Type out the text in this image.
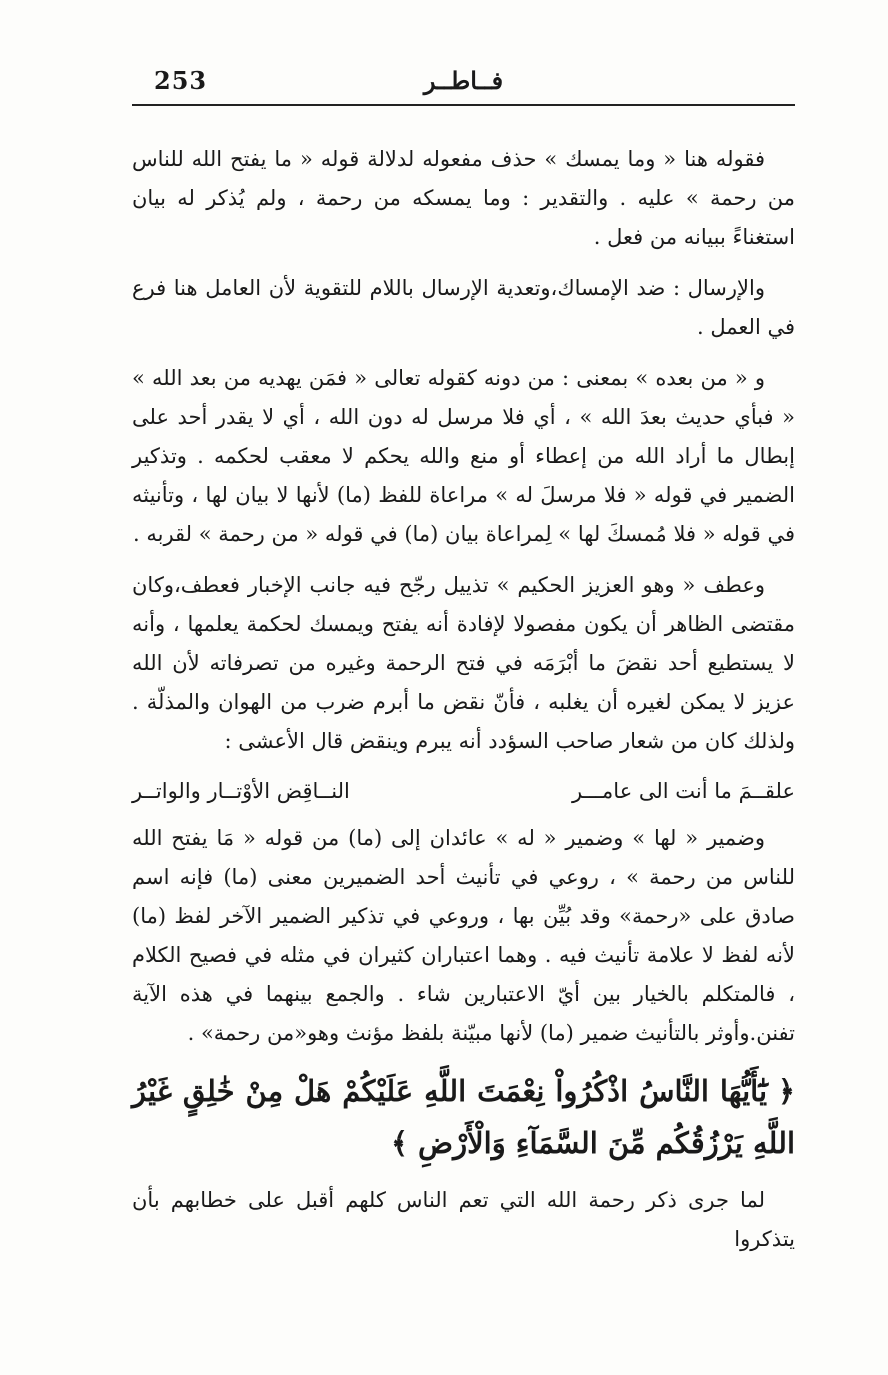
253	فــاطــر

فقوله هنا « وما يمسك » حذف مفعوله لدلالة قوله « ما يفتح الله للناس من رحمة » عليه . والتقدير : وما يمسكه من رحمة ، ولم يُذكر له بيان استغناءً ببيانه من فعل .

والإرسال : ضد الإمساك،وتعدية الإرسال باللام للتقوية لأن العامل هنا فرع في العمل .

و « من بعده » بمعنى : من دونه كقوله تعالى « فمَن يهديه من بعد الله » « فبأي حديث بعدَ الله » ، أي فلا مرسل له دون الله ، أي لا يقدر أحد على إبطال ما أراد الله من إعطاء أو منع والله يحكم لا معقب لحكمه . وتذكير الضمير في قوله « فلا مرسلَ له » مراعاة للفظ (ما) لأنها لا بيان لها ، وتأنيثه في قوله « فلا مُمسكَ لها » لِمراعاة بيان (ما) في قوله « من رحمة » لقربه .

وعطف « وهو العزيز الحكيم » تذييل رجّح فيه جانب الإخبار فعطف،وكان مقتضى الظاهر أن يكون مفصولا لإفادة أنه يفتح ويمسك لحكمة يعلمها ، وأنه لا يستطيع أحد نقضَ ما أبْرَمَه في فتح الرحمة وغيره من تصرفاته لأن الله عزيز لا يمكن لغيره أن يغلبه ، فأنّ نقض ما أبرم ضرب من الهوان والمذلّة . ولذلك كان من شعار صاحب السؤدد أنه يبرم وينقض قال الأعشى :

علقــمَ ما أنت الى عامـــر
النــاقِض الأوْتــار والواتــر

وضمير « لها » وضمير « له » عائدان إلى (ما) من قوله « مَا يفتح الله للناس من رحمة » ، روعي في تأنيث أحد الضميرين معنى (ما) فإنه اسم صادق على «رحمة» وقد بُيِّن بها ، وروعي في تذكير الضمير الآخر لفظ (ما) لأنه لفظ لا علامة تأنيث فيه . وهما اعتباران كثيران في مثله في فصيح الكلام ، فالمتكلم بالخيار بين أيّ الاعتبارين شاء . والجمع بينهما في هذه الآية تفنن.وأوثر بالتأنيث ضمير (ما) لأنها مبيّنة بلفظ مؤنث وهو«من رحمة» .

﴿ يَٰٓأَيُّهَا النَّاسُ اذْكُرُواْ نِعْمَتَ اللَّهِ عَلَيْكُمْ هَلْ مِنْ خَٰلِقٍ غَيْرُ اللَّهِ يَرْزُقُكُم مِّنَ السَّمَآءِ وَالْأَرْضِ ﴾

لما جرى ذكر رحمة الله التي تعم الناس كلهم أقبل على خطابهم بأن يتذكروا
